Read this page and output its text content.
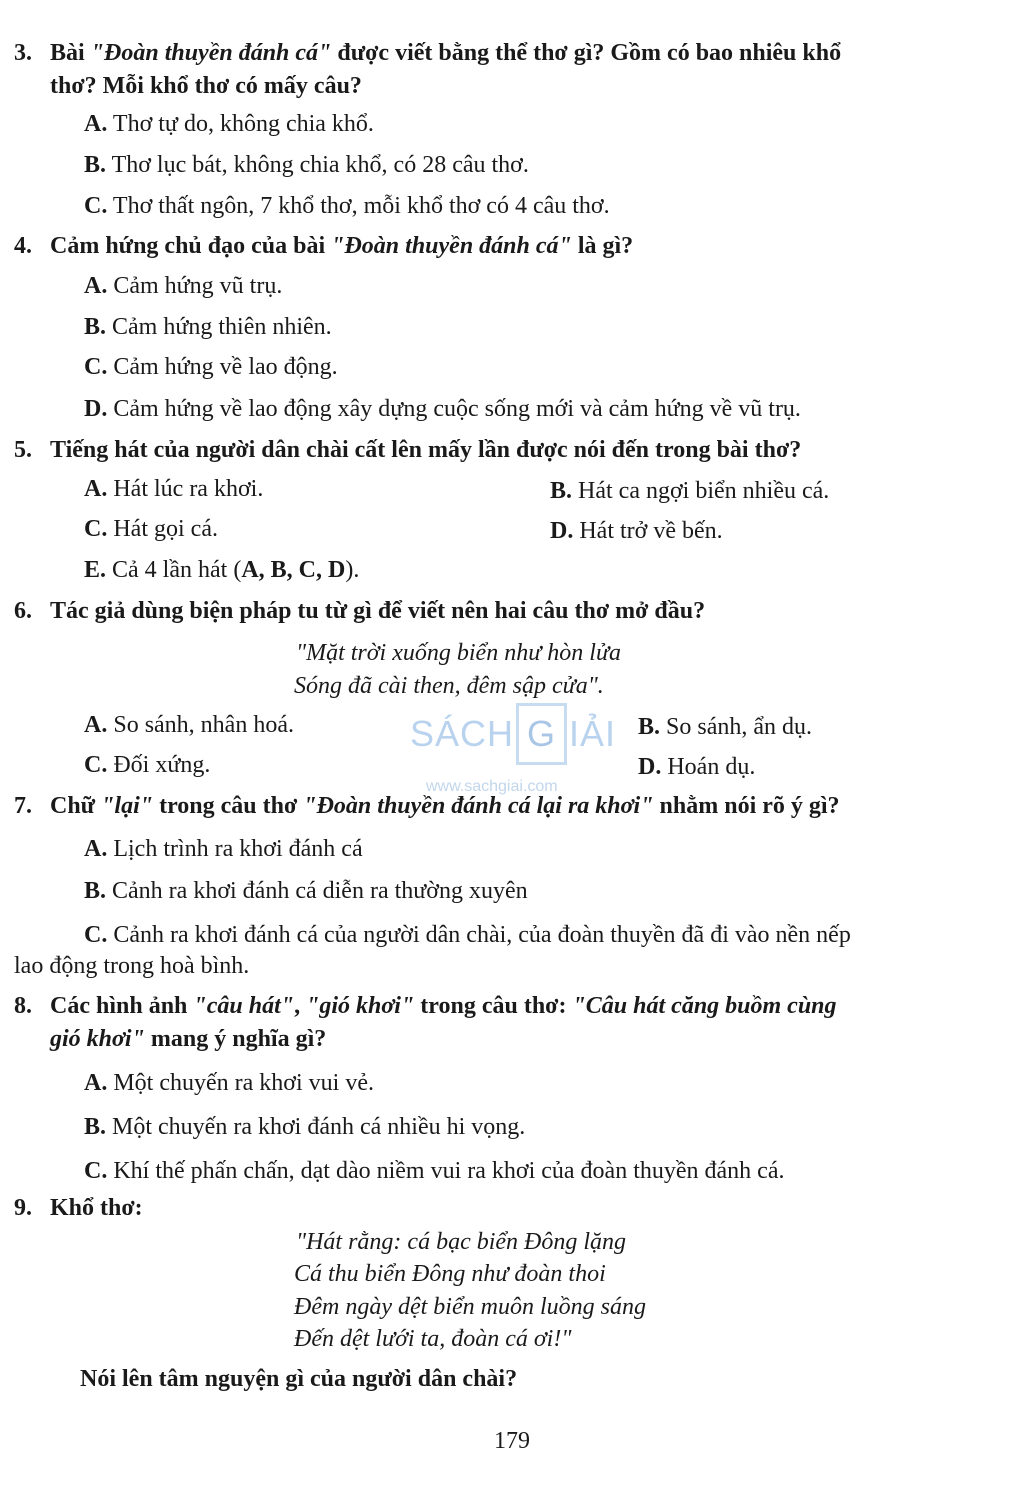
3. Bài "Đoàn thuyền đánh cá" được viết bằng thể thơ gì? Gồm có bao nhiêu khổ
thơ? Mỗi khổ thơ có mấy câu?
A. Thơ tự do, không chia khổ.
B. Thơ lục bát, không chia khổ, có 28 câu thơ.
C. Thơ thất ngôn, 7 khổ thơ, mỗi khổ thơ có 4 câu thơ.
4. Cảm hứng chủ đạo của bài "Đoàn thuyền đánh cá" là gì?
A. Cảm hứng vũ trụ.
B. Cảm hứng thiên nhiên.
C. Cảm hứng về lao động.
D. Cảm hứng về lao động xây dựng cuộc sống mới và cảm hứng về vũ trụ.
5. Tiếng hát của người dân chài cất lên mấy lần được nói đến trong bài thơ?
A. Hát lúc ra khơi.	B. Hát ca ngợi biển nhiều cá.
C. Hát gọi cá.	D. Hát trở về bến.
E. Cả 4 lần hát (A, B, C, D).
6. Tác giả dùng biện pháp tu từ gì để viết nên hai câu thơ mở đầu?
"Mặt trời xuống biển như hòn lửa
Sóng đã cài then, đêm sập cửa".
A. So sánh, nhân hoá.	B. So sánh, ẩn dụ.
C. Đối xứng.	D. Hoán dụ.
SÁCH G IẢI
www.sachgiai.com
7. Chữ "lại" trong câu thơ "Đoàn thuyền đánh cá lại ra khơi" nhằm nói rõ ý gì?
A. Lịch trình ra khơi đánh cá
B. Cảnh ra khơi đánh cá diễn ra thường xuyên
C. Cảnh ra khơi đánh cá của người dân chài, của đoàn thuyền đã đi vào nền nếp
lao động trong hoà bình.
8. Các hình ảnh "câu hát", "gió khơi" trong câu thơ: "Câu hát căng buồm cùng
gió khơi" mang ý nghĩa gì?
A. Một chuyến ra khơi vui vẻ.
B. Một chuyến ra khơi đánh cá nhiều hi vọng.
C. Khí thế phấn chấn, dạt dào niềm vui ra khơi của đoàn thuyền đánh cá.
9. Khổ thơ:
"Hát rằng: cá bạc biển Đông lặng
Cá thu biển Đông như đoàn thoi
Đêm ngày dệt biển muôn luồng sáng
Đến dệt lưới ta, đoàn cá ơi!"
Nói lên tâm nguyện gì của người dân chài?
179
